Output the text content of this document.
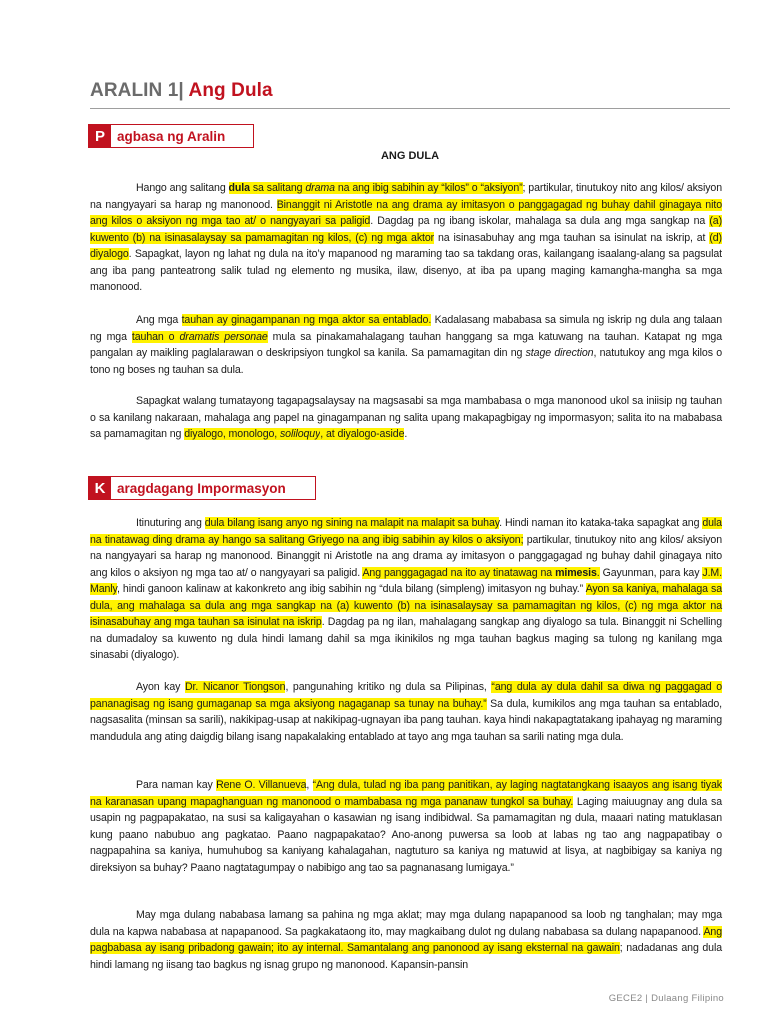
ARALIN 1| Ang Dula
P agbasa ng Aralin
ANG DULA

Hango ang salitang dula sa salitang drama na ang ibig sabihin ay “kilos” o “aksiyon”; partikular, tinutukoy nito ang kilos/ aksiyon na nangyayari sa harap ng manonood. Binanggit ni Aristotle na ang drama ay imitasyon o panggagagad ng buhay dahil ginagaya nito ang kilos o aksiyon ng mga tao at/ o nangyayari sa paligid. Dagdag pa ng ibang iskolar, mahalaga sa dula ang mga sangkap na (a) kuwento (b) na isinasalaysay sa pamamagitan ng kilos, (c) ng mga aktor na isinasabuhay ang mga tauhan sa isinulat na iskrip, at (d) diyalogo. Sapagkat, layon ng lahat ng dula na ito’y mapanood ng maraming tao sa takdang oras, kailangang isaalang-alang sa pagsulat ang iba pang panteatrong salik tulad ng elemento ng musika, ilaw, disenyo, at iba pa upang maging kamangha-mangha sa mga manonood.

Ang mga tauhan ay ginagampanan ng mga aktor sa entablado. Kadalasang mababasa sa simula ng iskrip ng dula ang talaan ng mga tauhan o dramatis personae mula sa pinakamahalagang tauhan hanggang sa mga katuwang na tauhan. Katapat ng mga pangalan ay maikling paglalarawan o deskripsiyon tungkol sa kanila. Sa pamamagitan din ng stage direction, natutukoy ang mga kilos o tono ng boses ng tauhan sa dula.

Sapagkat walang tumatayong tagapagsalaysay na magsasabi sa mga mambabasa o mga manonood ukol sa iniisip ng tauhan o sa kanilang nakaraan, mahalaga ang papel na ginagampanan ng salita upang makapagbigay ng impormasyon; salita ito na mababasa sa pamamagitan ng diyalogo, monologo, soliloquy, at diyalogo-aside.

K aragdagang Impormasyon

Itinuturing ang dula bilang isang anyo ng sining na malapit na malapit sa buhay. Hindi naman ito kataka-taka sapagkat ang dula na tinatawag ding drama ay hango sa salitang Griyego na ang ibig sabihin ay kilos o aksiyon; partikular, tinutukoy nito ang kilos/ aksiyon na nangyayari sa harap ng manonood. Binanggit ni Aristotle na ang drama ay imitasyon o panggagagad ng buhay dahil ginagaya nito ang kilos o aksiyon ng mga tao at/ o nangyayari sa paligid. Ang panggagagad na ito ay tinatawag na mimesis. Gayunman, para kay J.M. Manly, hindi ganoon kalinaw at kakonkreto ang ibig sabihin ng “dula bilang (simpleng) imitasyon ng buhay.” Ayon sa kaniya, mahalaga sa dula, ang mahalaga sa dula ang mga sangkap na (a) kuwento (b) na isinasalaysay sa pamamagitan ng kilos, (c) ng mga aktor na isinasabuhay ang mga tauhan sa isinulat na iskrip. Dagdag pa ng ilan, mahalagang sangkap ang diyalogo sa tula. Binanggit ni Schelling na dumadaloy sa kuwento ng dula hindi lamang dahil sa mga ikinikilos ng mga tauhan bagkus maging sa tulong ng kanilang mga sinasabi (diyalogo).

Ayon kay Dr. Nicanor Tiongson, pangunahing kritiko ng dula sa Pilipinas, “ang dula ay dula dahil sa diwa ng paggagad o pananagisag ng isang gumaganap sa mga aksiyong nagaganap sa tunay na buhay.” Sa dula, kumikilos ang mga tauhan sa entablado, nagsasalita (minsan sa sarili), nakikipag-usap at nakikipag-ugnayan iba pang tauhan. kaya hindi nakapagtatakang ipahayag ng maraming mandudula ang ating daigdig bilang isang napakalaking entablado at tayo ang mga tauhan sa sarili nating mga dula.

Para naman kay Rene O. Villanueva, “Ang dula, tulad ng iba pang panitikan, ay laging nagtatangkang isaayos ang isang tiyak na karanasan upang mapaghanguan ng manonood o mambabasa ng mga pananaw tungkol sa buhay. Laging maiuugnay ang dula sa usapin ng pagpapakatao, na susi sa kaligayahan o kasawian ng isang indibidwal. Sa pamamagitan ng dula, maaari nating matuklasan kung paano nabubuo ang pagkatao. Paano nagpapakatao? Ano-anong puwersa sa loob at labas ng tao ang nagpapatibay o nagpapahina sa kaniya, humuhubog sa kaniyang kahalagahan, nagtuturo sa kaniya ng matuwid at lisya, at nagbibigay sa kaniya ng direksiyon sa buhay? Paano nagtatagumpay o nabibigo ang tao sa pagnanasang lumigaya.”

May mga dulang nababasa lamang sa pahina ng mga aklat; may mga dulang napapanood sa loob ng tanghalan; may mga dula na kapwa nababasa at napapanood. Sa pagkakataong ito, may magkaibang dulot ng dulang nababasa sa dulang napapanood. Ang pagbabasa ay isang pribadong gawain; ito ay internal. Samantalang ang panonood ay isang eksternal na gawain; nadadanas ang dula hindi lamang ng iisang tao bagkus ng isnag grupo ng manonood. Kapansin-pansin

GECE2 | Dulaang Filipino
